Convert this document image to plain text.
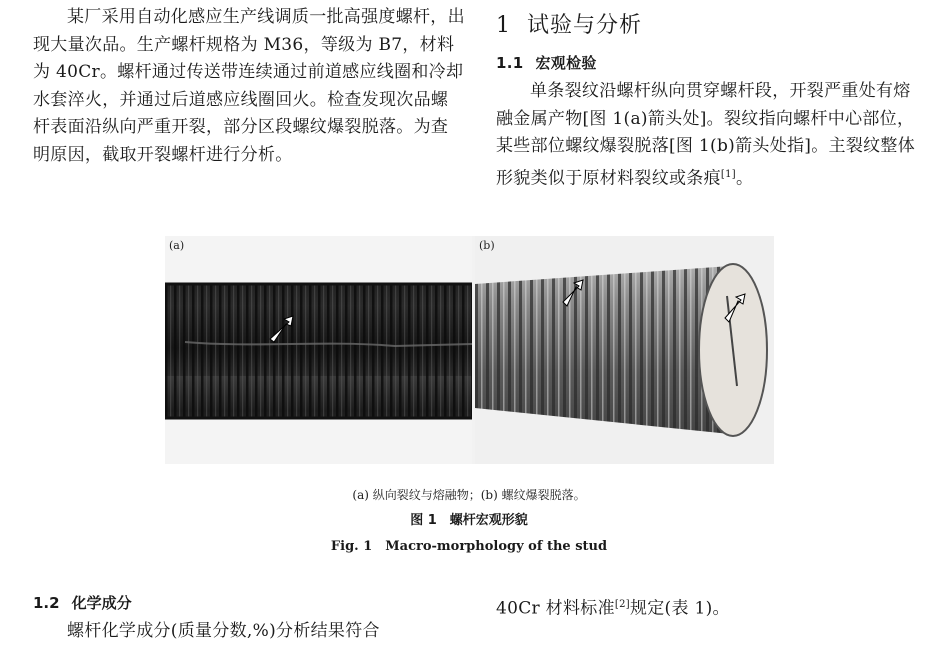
某厂采用自动化感应生产线调质一批高强度螺杆，出现大量次品。生产螺杆规格为 M36，等级为 B7，材料为 40Cr。螺杆通过传送带连续通过前道感应线圈和冷却水套淬火，并通过后道感应线圈回火。检查发现次品螺杆表面沿纵向严重开裂，部分区段螺纹爆裂脱落。为查明原因，截取开裂螺杆进行分析。

1 试验与分析

1.1 宏观检验

单条裂纹沿螺杆纵向贯穿螺杆段，开裂严重处有熔融金属产物[图 1(a)箭头处]。裂纹指向螺杆中心部位，某些部位螺纹爆裂脱落[图 1(b)箭头处指]。主裂纹整体形貌类似于原材料裂纹或条痕[1]。

(a)	(b)
(a) 纵向裂纹与熔融物；(b) 螺纹爆裂脱落。
图 1　螺杆宏观形貌
Fig. 1　Macro-morphology of the stud

1.2 化学成分

螺杆化学成分(质量分数,%)分析结果符合

40Cr 材料标准[2]规定(表 1)。
